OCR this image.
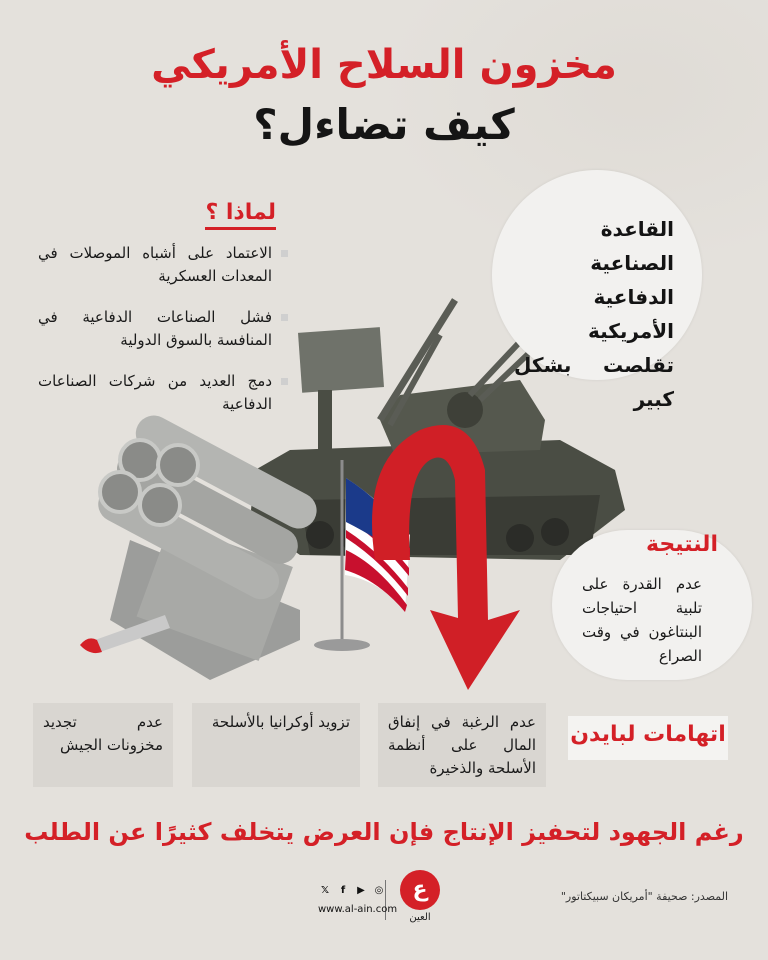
مخزون السلاح الأمريكي
كيف تضاءل؟
لماذا ؟
الاعتماد على أشباه الموصلات في المعدات العسكرية
فشل الصناعات الدفاعية في المنافسة بالسوق الدولية
دمج العديد من شركات الصناعات الدفاعية

القاعدة الصناعية الدفاعية الأمريكية تقلصت بشكل كبير

النتيجة

عدم القدرة على تلبية احتياجات البنتاغون في وقت الصراع

اتهامات لبايدن
عدم الرغبة في إنفاق المال على أنظمة الأسلحة والذخيرة
تزويد أوكرانيا بالأسلحة
عدم تجديد مخزونات الجيش

رغم الجهود لتحفيز الإنتاج فإن العرض يتخلف كثيرًا عن الطلب

المصدر: صحيفة "أمريكان سبيكتاتور"

ع

العين

𝕏	f	▶ ◎

www.al-ain.com
